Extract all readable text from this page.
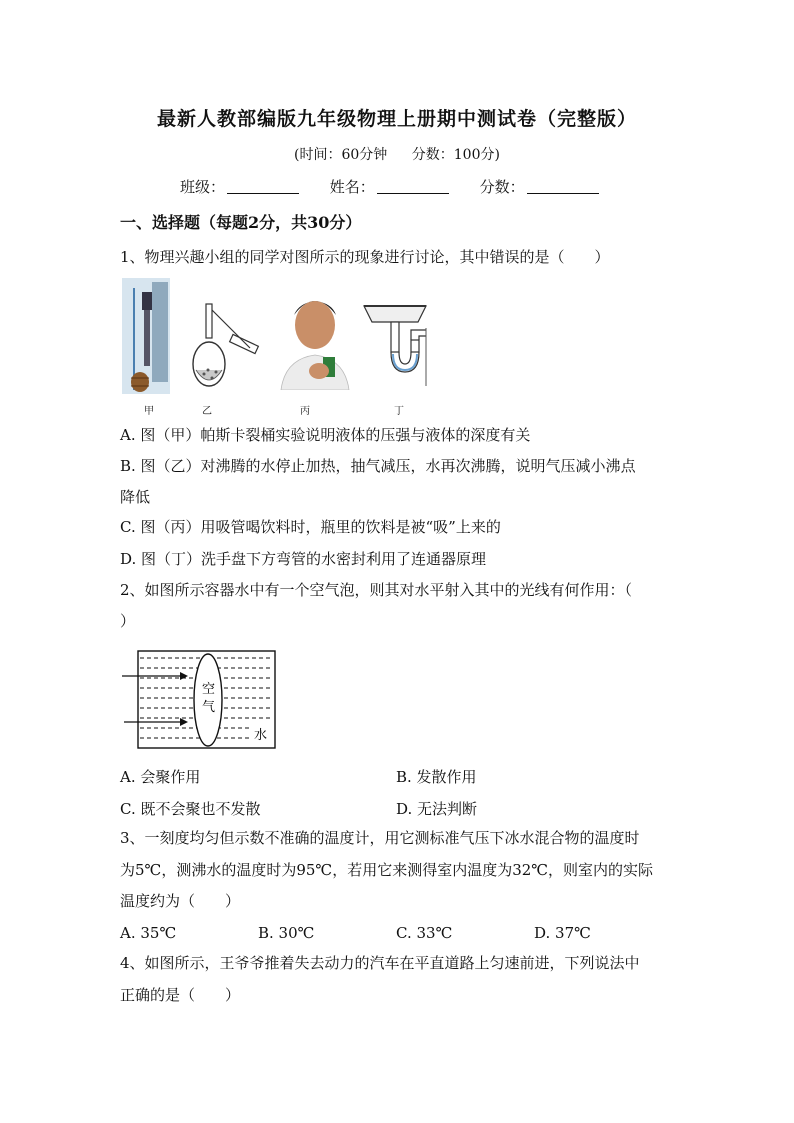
最新人教部编版九年级物理上册期中测试卷（完整版）
(时间：60分钟 分数：100分)
班级：	姓名：	分数：
一、选择题（每题2分，共30分）
1、物理兴趣小组的同学对图所示的现象进行讨论，其中错误的是（　　）
甲	乙	丙	丁
A. 图（甲）帕斯卡裂桶实验说明液体的压强与液体的深度有关
B. 图（乙）对沸腾的水停止加热，抽气减压，水再次沸腾，说明气压减小沸点
降低
C. 图（丙）用吸管喝饮料时，瓶里的饮料是被“吸”上来的
D. 图（丁）洗手盘下方弯管的水密封利用了连通器原理
2、如图所示容器水中有一个空气泡，则其对水平射入其中的光线有何作用：（
）
空
气
水
A. 会聚作用	B. 发散作用
C. 既不会聚也不发散	D. 无法判断
3、一刻度均匀但示数不准确的温度计，用它测标准气压下冰水混合物的温度时
为5℃，测沸水的温度时为95℃，若用它来测得室内温度为32℃，则室内的实际
温度约为（　　）
A. 35℃	B. 30℃	C. 33℃	D. 37℃
4、如图所示，王爷爷推着失去动力的汽车在平直道路上匀速前进，下列说法中
正确的是（　　）
